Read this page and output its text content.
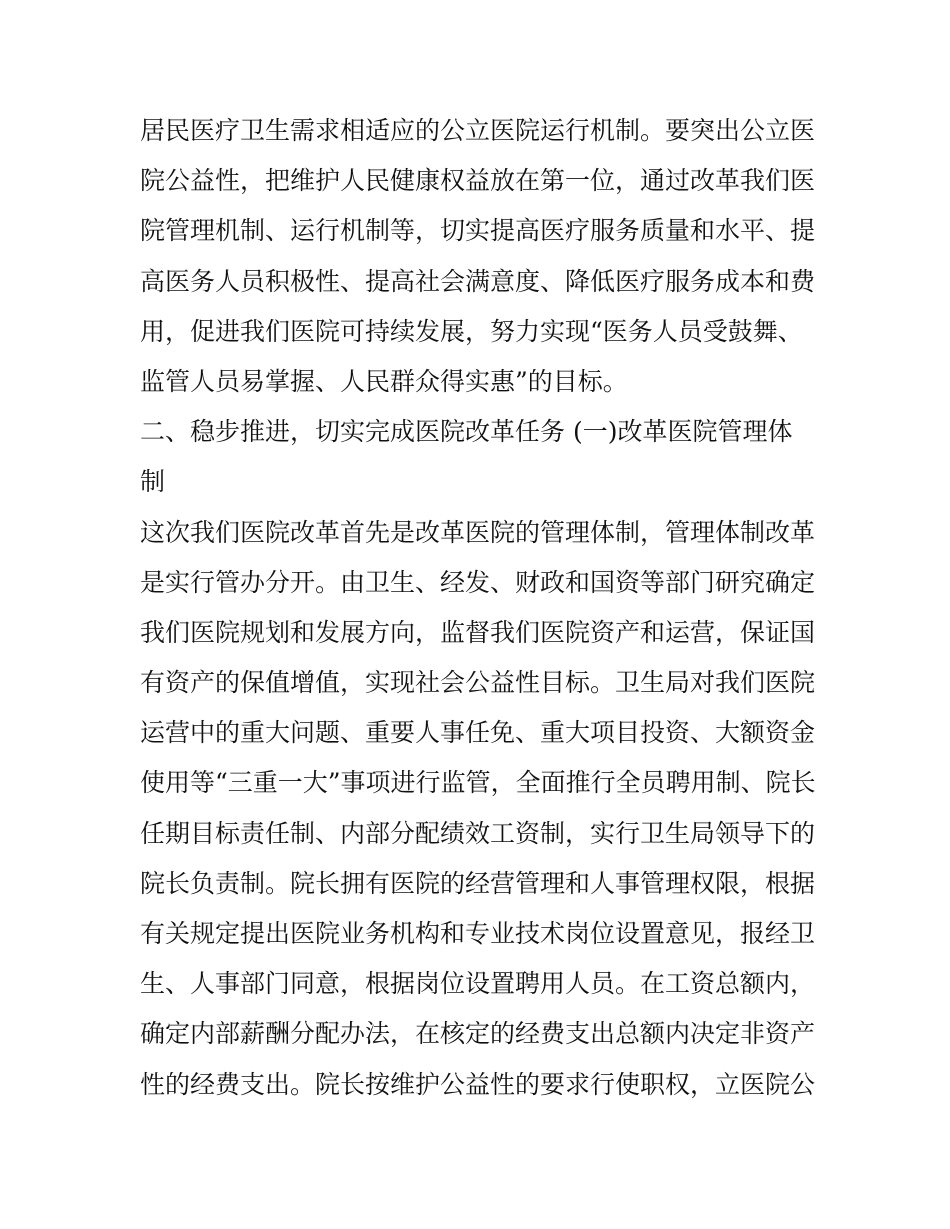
居民医疗卫生需求相适应的公立医院运行机制。要突出公立医
院公益性，把维护人民健康权益放在第一位，通过改革我们医
院管理机制、运行机制等，切实提高医疗服务质量和水平、提
高医务人员积极性、提高社会满意度、降低医疗服务成本和费
用，促进我们医院可持续发展，努力实现“医务人员受鼓舞、
监管人员易掌握、人民群众得实惠”的目标。
二、稳步推进，切实完成医院改革任务 (一)改革医院管理体
制
这次我们医院改革首先是改革医院的管理体制，管理体制改革
是实行管办分开。由卫生、经发、财政和国资等部门研究确定
我们医院规划和发展方向，监督我们医院资产和运营，保证国
有资产的保值增值，实现社会公益性目标。卫生局对我们医院
运营中的重大问题、重要人事任免、重大项目投资、大额资金
使用等“三重一大”事项进行监管，全面推行全员聘用制、院长
任期目标责任制、内部分配绩效工资制，实行卫生局领导下的
院长负责制。院长拥有医院的经营管理和人事管理权限，根据
有关规定提出医院业务机构和专业技术岗位设置意见，报经卫
生、人事部门同意，根据岗位设置聘用人员。在工资总额内，
确定内部薪酬分配办法，在核定的经费支出总额内决定非资产
性的经费支出。院长按维护公益性的要求行使职权，立医院公
